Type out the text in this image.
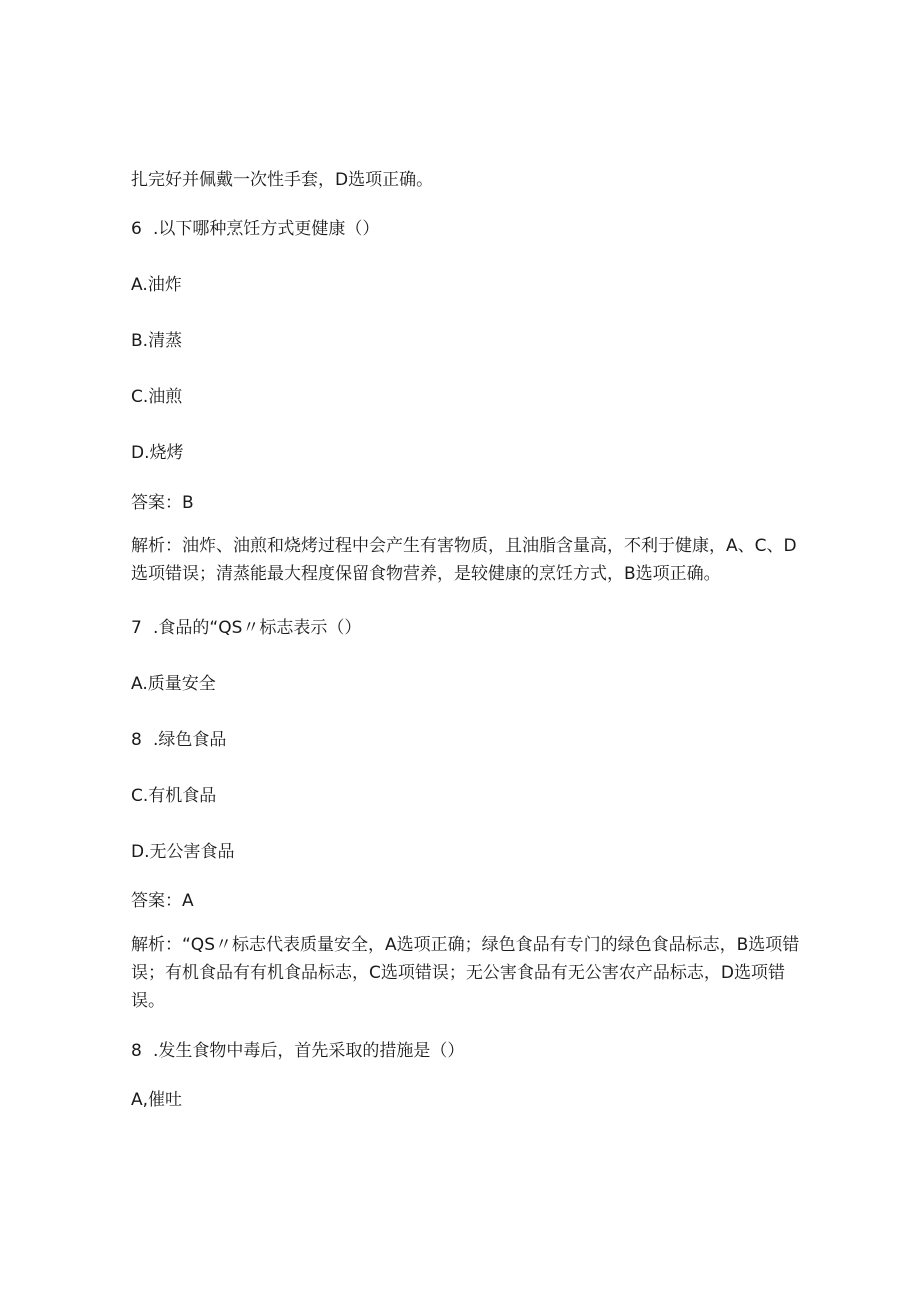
扎完好并佩戴一次性手套，D选项正确。
6 .以下哪种烹饪方式更健康（）
A.油炸
B.清蒸
C.油煎
D.烧烤
答案：B
解析：油炸、油煎和烧烤过程中会产生有害物质，且油脂含量高，不利于健康，A、C、D
选项错误；清蒸能最大程度保留食物营养，是较健康的烹饪方式，B选项正确。
7 .食品的“QS〃标志表示（）
A.质量安全
8 .绿色食品
C.有机食品
D.无公害食品
答案：A
解析：“QS〃标志代表质量安全，A选项正确；绿色食品有专门的绿色食品标志，B选项错
误；有机食品有有机食品标志，C选项错误；无公害食品有无公害农产品标志，D选项错
误。
8 .发生食物中毒后，首先采取的措施是（）
A,催吐
